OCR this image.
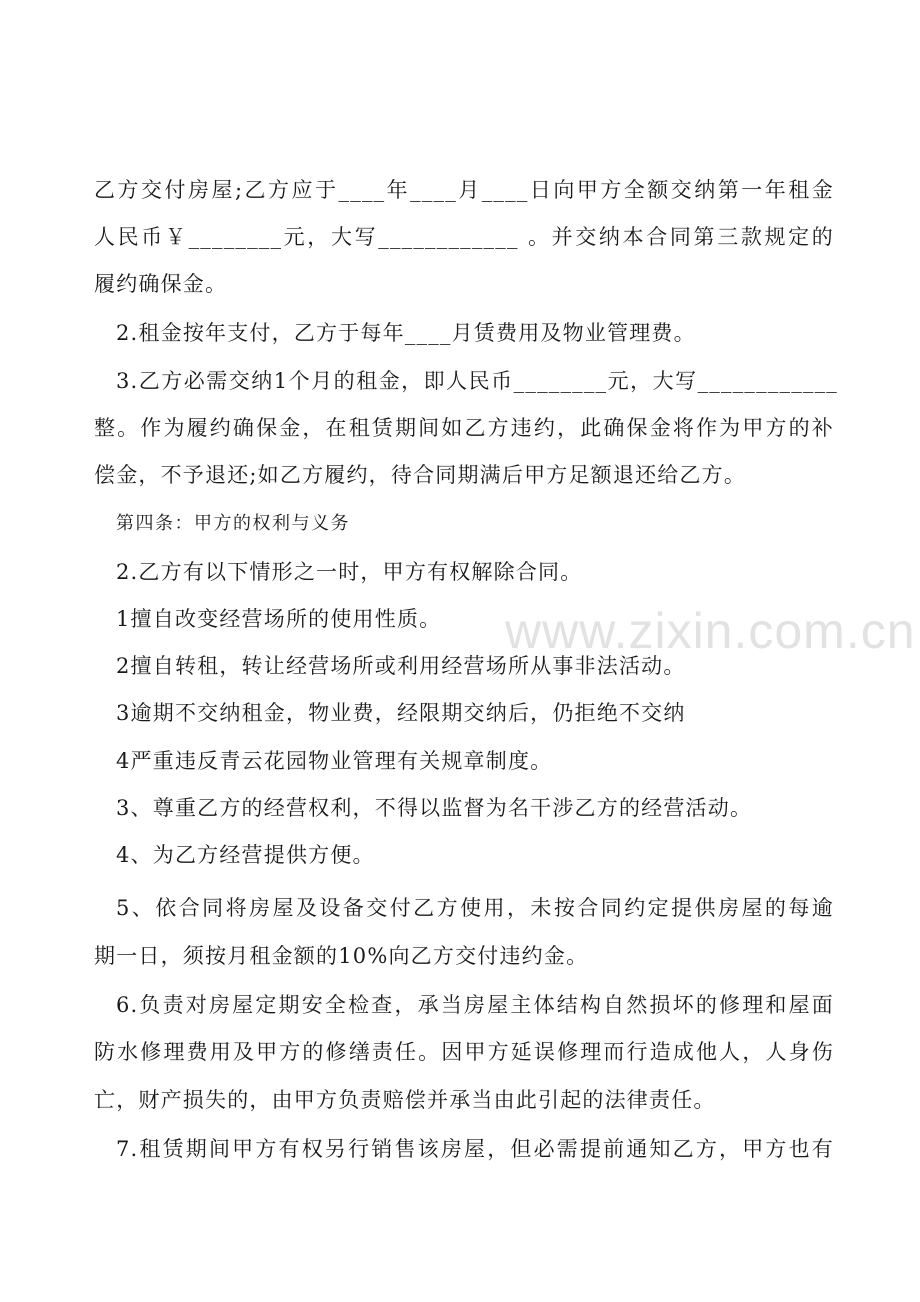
www.zixin.com.cn
乙方交付房屋;乙方应于____年____月____日向甲方全额交纳第一年租金
人民币￥________元，大写____________ 。并交纳本合同第三款规定的
履约确保金。
2.租金按年支付，乙方于每年____月赁费用及物业管理费。
3.乙方必需交纳1个月的租金，即人民币________元，大写____________
整。作为履约确保金，在租赁期间如乙方违约，此确保金将作为甲方的补
偿金，不予退还;如乙方履约，待合同期满后甲方足额退还给乙方。
第四条：甲方的权利与义务
2.乙方有以下情形之一时，甲方有权解除合同。
1擅自改变经营场所的使用性质。
2擅自转租，转让经营场所或利用经营场所从事非法活动。
3逾期不交纳租金，物业费，经限期交纳后，仍拒绝不交纳
4严重违反青云花园物业管理有关规章制度。
3、尊重乙方的经营权利，不得以监督为名干涉乙方的经营活动。
4、为乙方经营提供方便。
5、依合同将房屋及设备交付乙方使用，未按合同约定提供房屋的每逾
期一日，须按月租金额的10%向乙方交付违约金。
6.负责对房屋定期安全检查，承当房屋主体结构自然损坏的修理和屋面
防水修理费用及甲方的修缮责任。因甲方延误修理而行造成他人，人身伤
亡，财产损失的，由甲方负责赔偿并承当由此引起的法律责任。
7.租赁期间甲方有权另行销售该房屋，但必需提前通知乙方，甲方也有
